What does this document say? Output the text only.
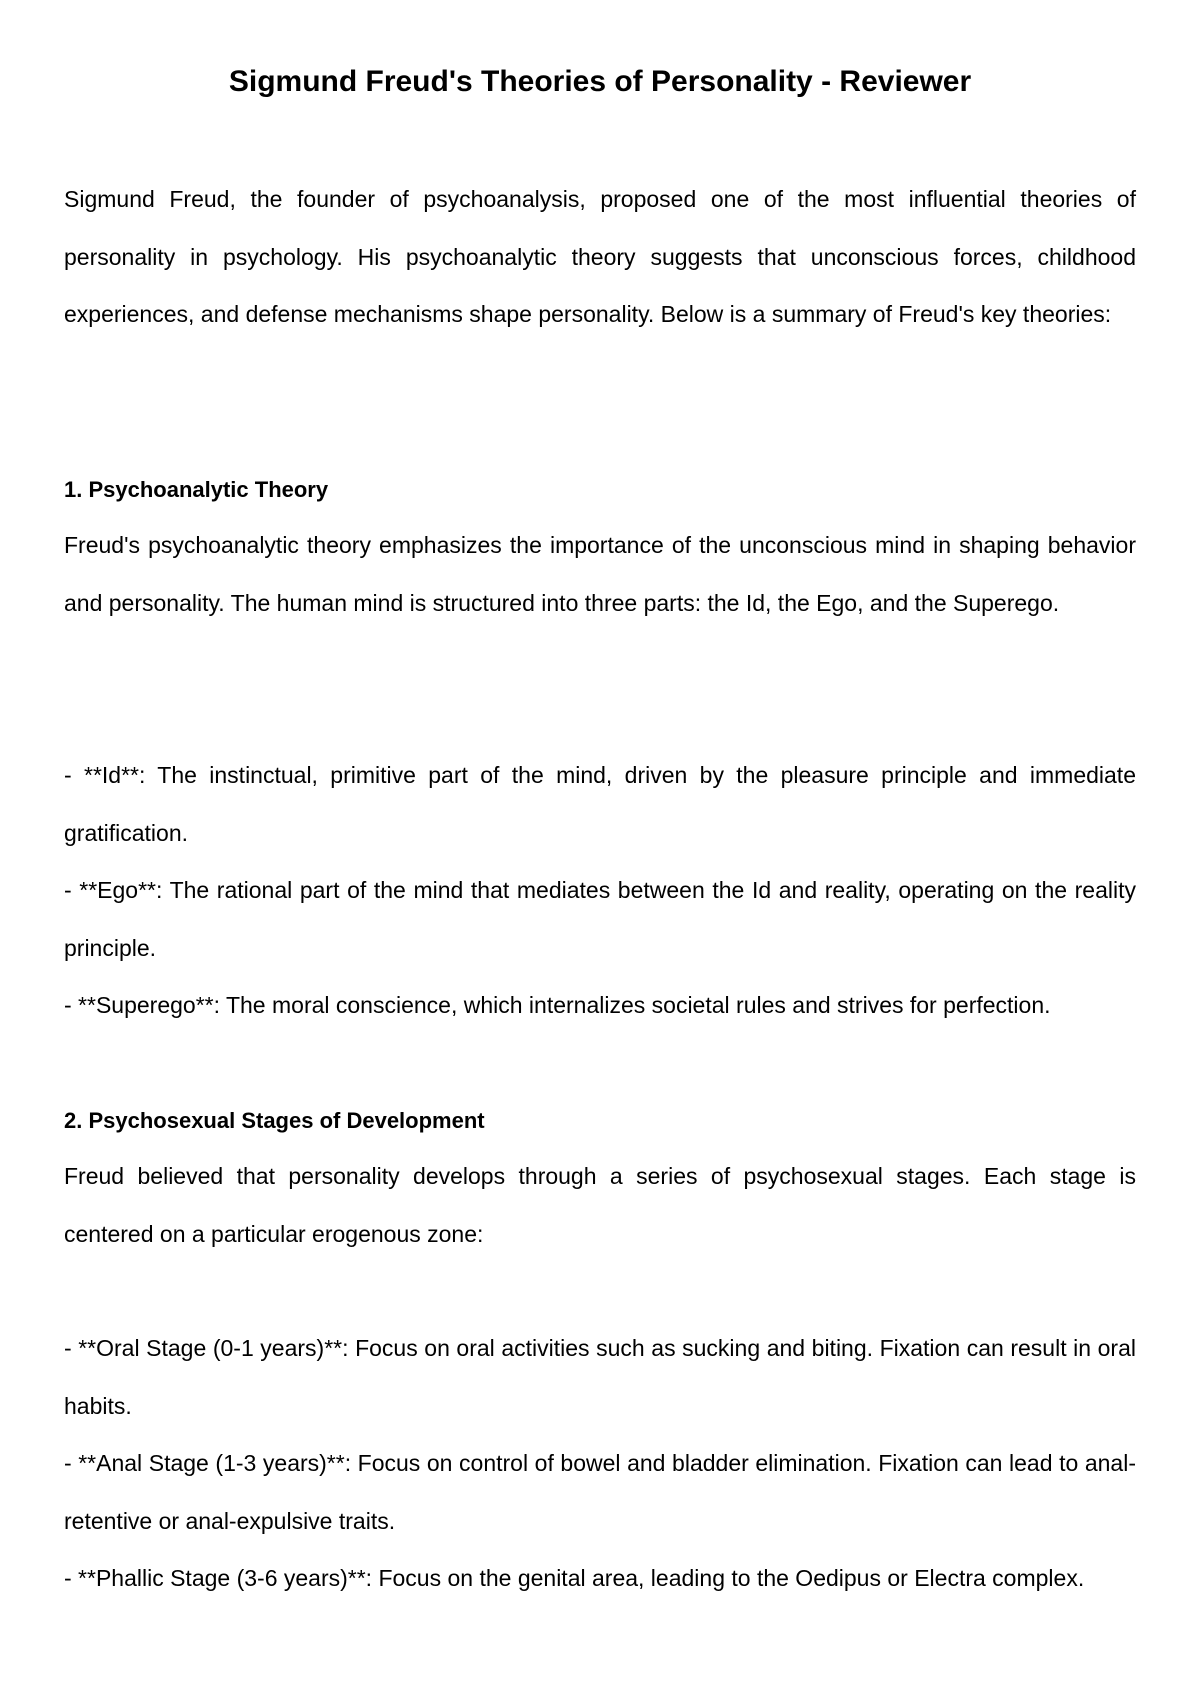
Sigmund Freud's Theories of Personality - Reviewer

Sigmund Freud, the founder of psychoanalysis, proposed one of the most influential theories of personality in psychology. His psychoanalytic theory suggests that unconscious forces, childhood experiences, and defense mechanisms shape personality. Below is a summary of Freud's key theories:

1. Psychoanalytic Theory

Freud's psychoanalytic theory emphasizes the importance of the unconscious mind in shaping behavior and personality. The human mind is structured into three parts: the Id, the Ego, and the Superego.

- **Id**: The instinctual, primitive part of the mind, driven by the pleasure principle and immediate gratification.

- **Ego**: The rational part of the mind that mediates between the Id and reality, operating on the reality principle.

- **Superego**: The moral conscience, which internalizes societal rules and strives for perfection.

2. Psychosexual Stages of Development

Freud believed that personality develops through a series of psychosexual stages. Each stage is centered on a particular erogenous zone:

- **Oral Stage (0-1 years)**: Focus on oral activities such as sucking and biting. Fixation can result in oral habits.

- **Anal Stage (1-3 years)**: Focus on control of bowel and bladder elimination. Fixation can lead to anal-retentive or anal-expulsive traits.

- **Phallic Stage (3-6 years)**: Focus on the genital area, leading to the Oedipus or Electra complex.
